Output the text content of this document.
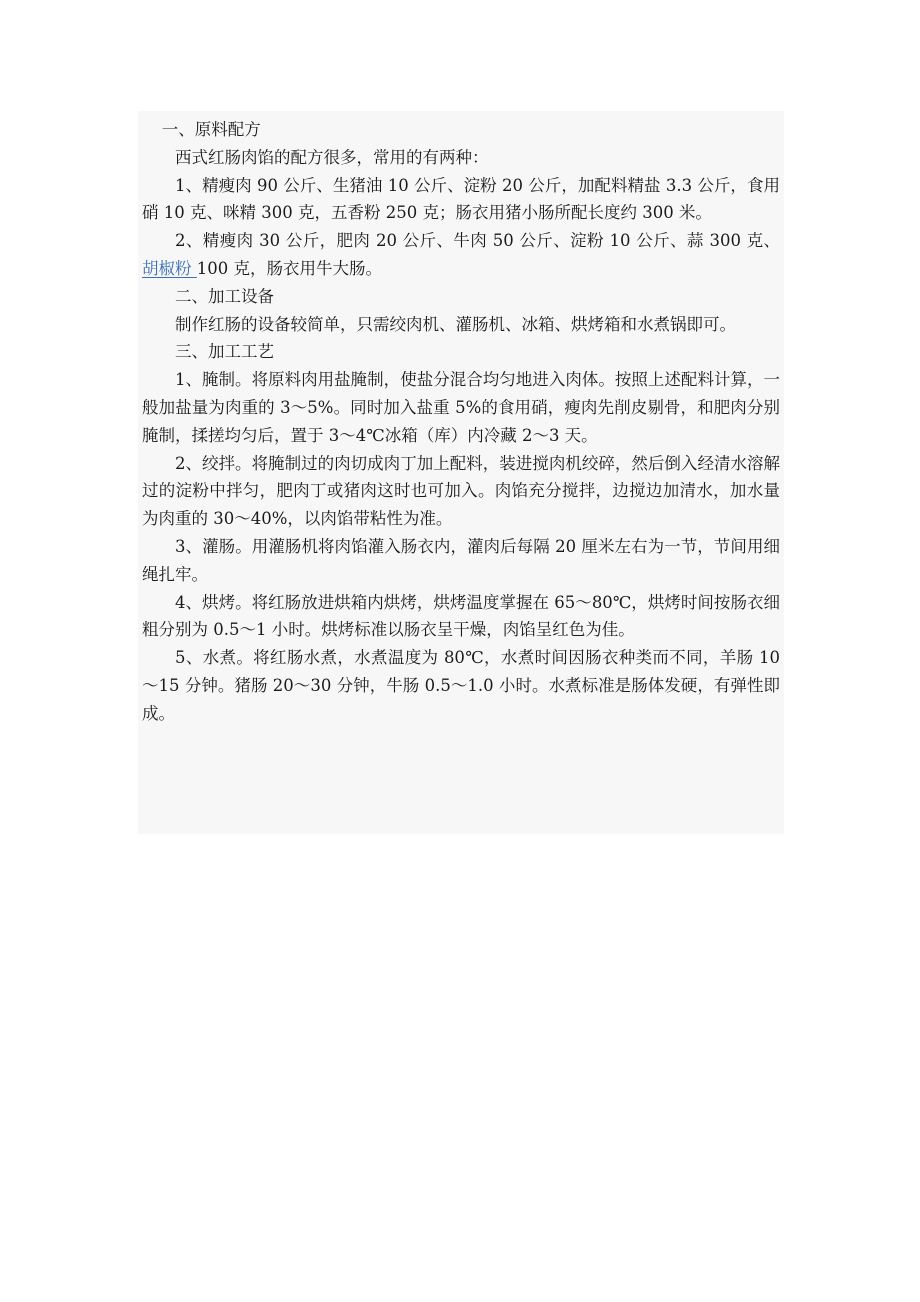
一、原料配方

西式红肠肉馅的配方很多，常用的有两种：

1、精瘦肉 90 公斤、生猪油 10 公斤、淀粉 20 公斤，加配料精盐 3.3 公斤，食用硝 10 克、咪精 300 克，五香粉 250 克；肠衣用猪小肠所配长度约 300 米。

2、精瘦肉 30 公斤，肥肉 20 公斤、牛肉 50 公斤、淀粉 10 公斤、蒜 300 克、胡椒粉 100 克，肠衣用牛大肠。

二、加工设备

制作红肠的设备较简单，只需绞肉机、灌肠机、冰箱、烘烤箱和水煮锅即可。

三、加工工艺

1、腌制。将原料肉用盐腌制，使盐分混合均匀地进入肉体。按照上述配料计算，一般加盐量为肉重的 3～5%。同时加入盐重 5%的食用硝，瘦肉先削皮剔骨，和肥肉分别腌制，揉搓均匀后，置于 3～4℃冰箱（库）内冷藏 2～3 天。

2、绞拌。将腌制过的肉切成肉丁加上配料，装进搅肉机绞碎，然后倒入经清水溶解过的淀粉中拌匀，肥肉丁或猪肉这时也可加入。肉馅充分搅拌，边搅边加清水，加水量为肉重的 30～40%，以肉馅带粘性为准。

3、灌肠。用灌肠机将肉馅灌入肠衣内，灌肉后每隔 20 厘米左右为一节，节间用细绳扎牢。

4、烘烤。将红肠放进烘箱内烘烤，烘烤温度掌握在 65～80℃，烘烤时间按肠衣细粗分别为 0.5～1 小时。烘烤标准以肠衣呈干燥，肉馅呈红色为佳。

5、水煮。将红肠水煮，水煮温度为 80℃，水煮时间因肠衣种类而不同，羊肠 10～15 分钟。猪肠 20～30 分钟，牛肠 0.5～1.0 小时。水煮标准是肠体发硬，有弹性即成。
